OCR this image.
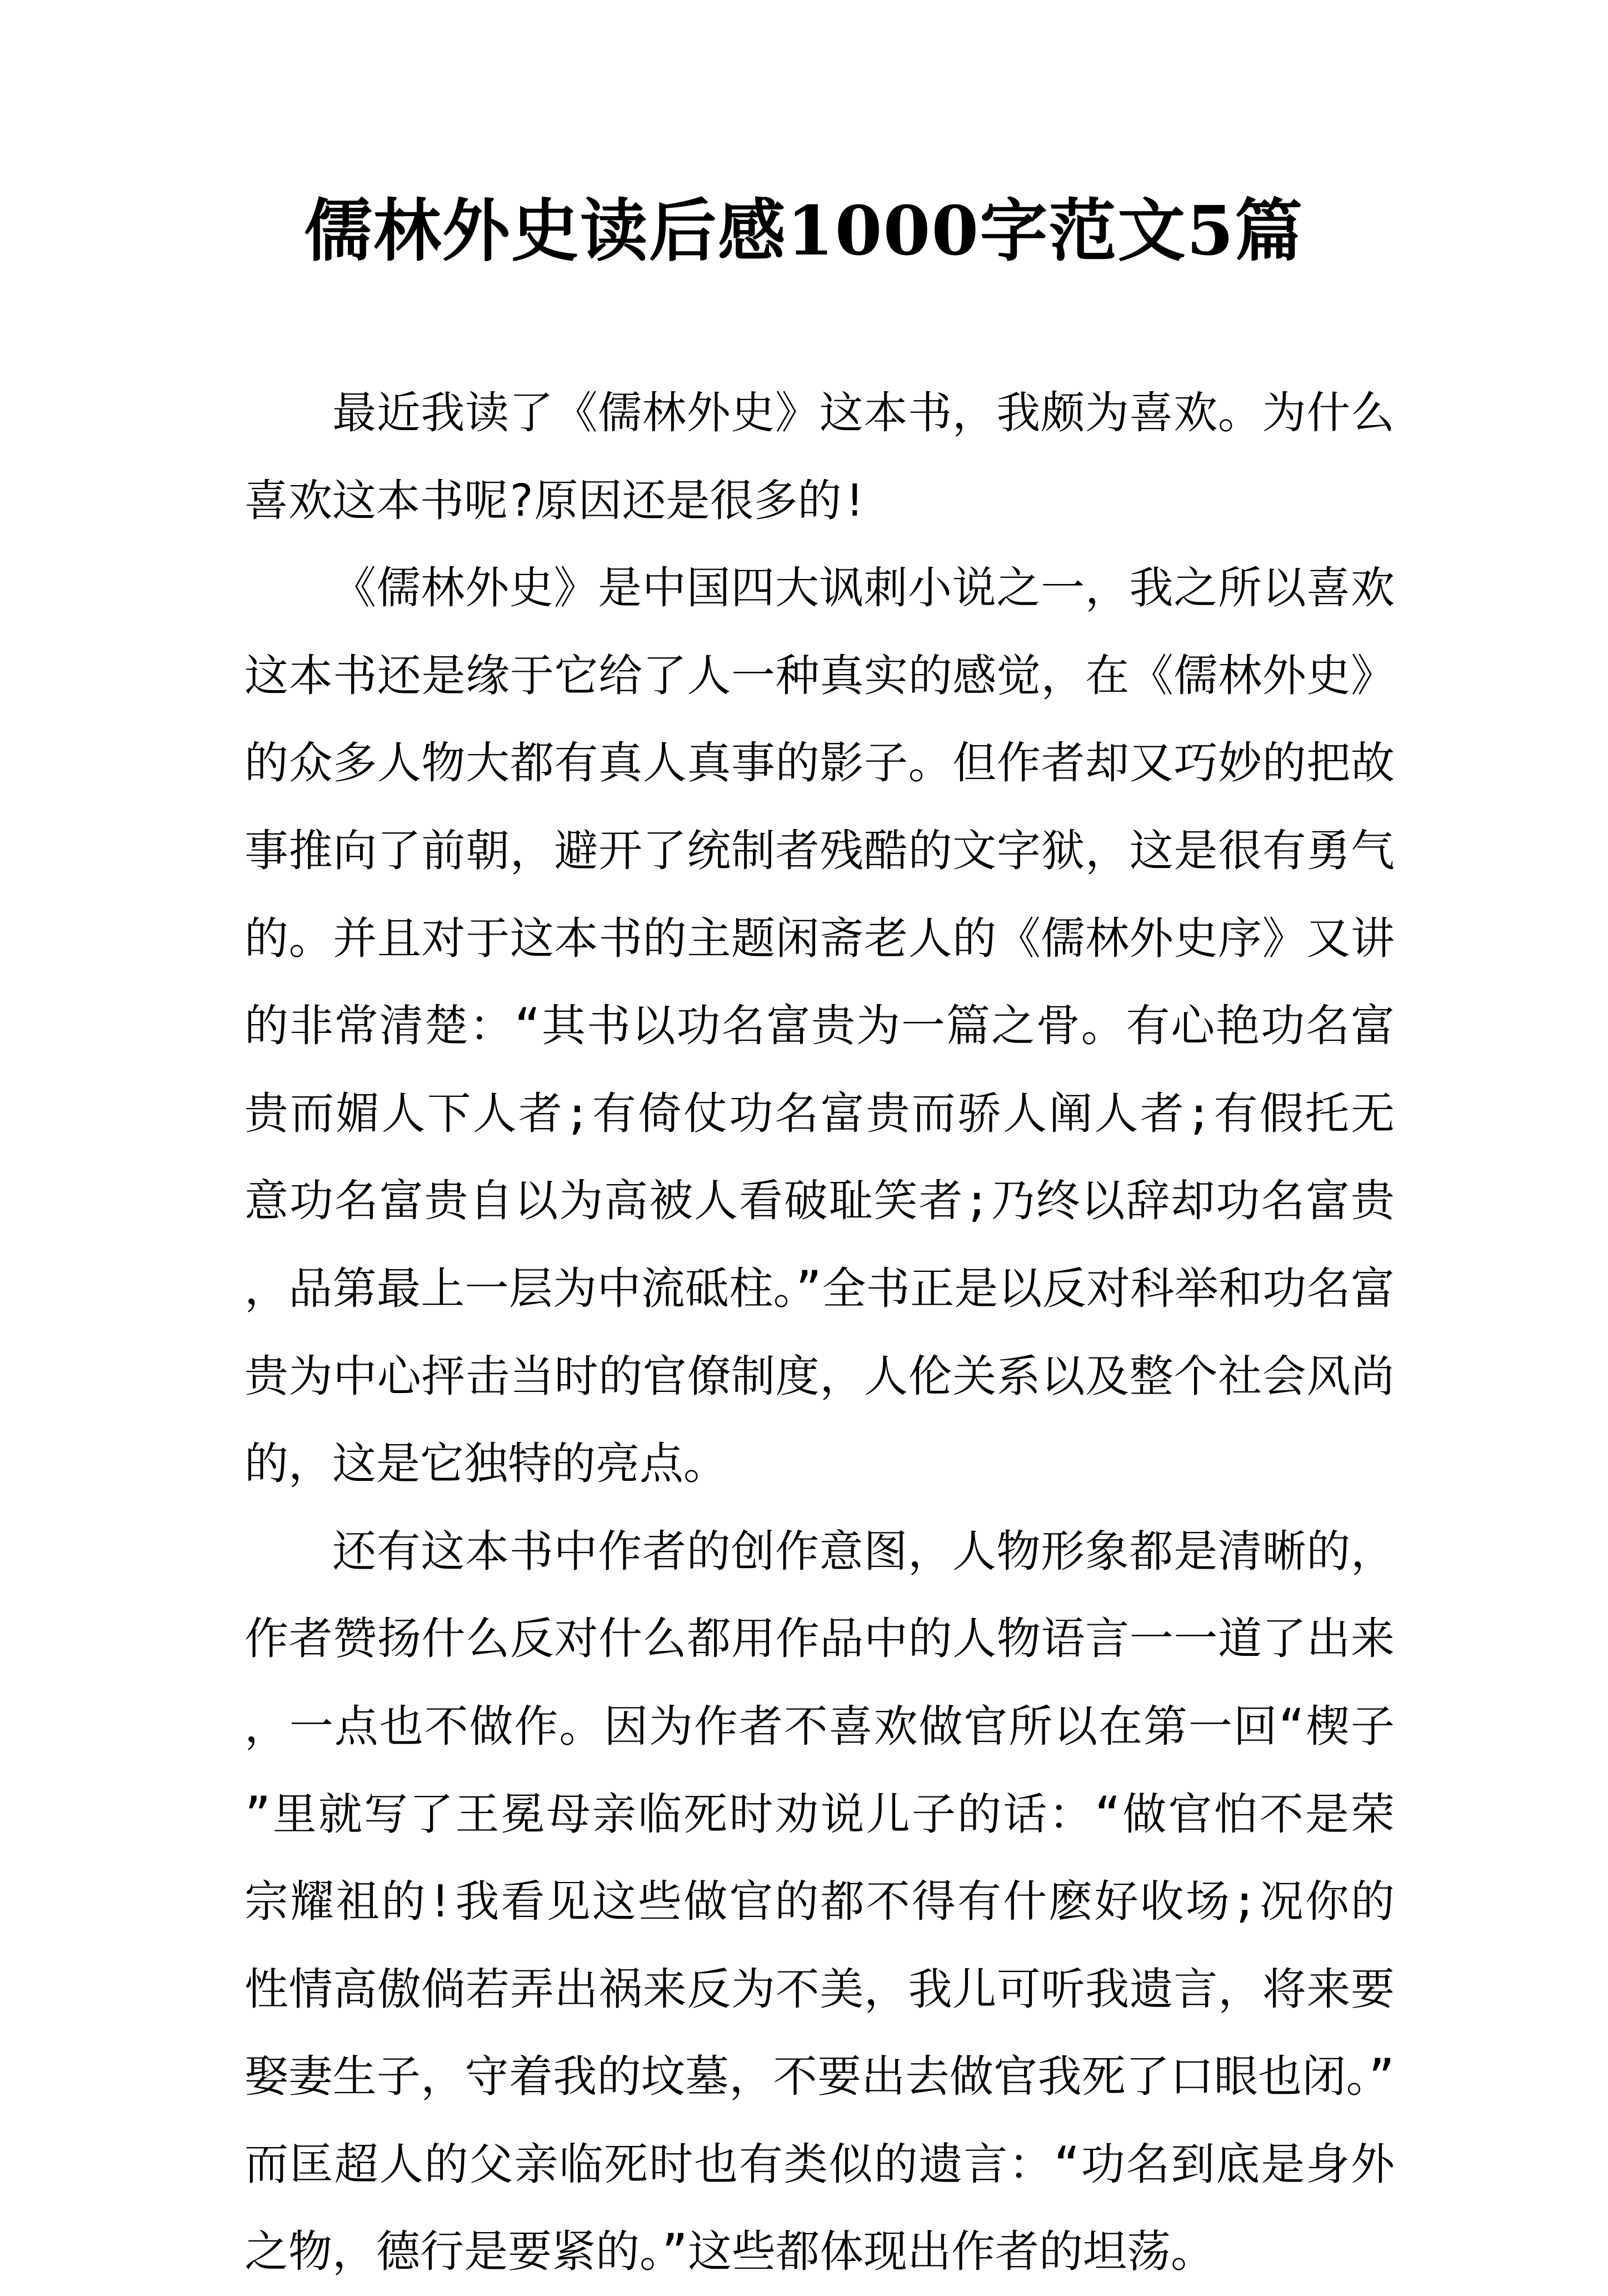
儒林外史读后感1000字范文5篇

最近我读了《儒林外史》这本书，我颇为喜欢。为什么喜欢这本书呢?原因还是很多的!

《儒林外史》是中国四大讽刺小说之一，我之所以喜欢这本书还是缘于它给了人一种真实的感觉，在《儒林外史》的众多人物大都有真人真事的影子。但作者却又巧妙的把故事推向了前朝，避开了统制者残酷的文字狱，这是很有勇气的。并且对于这本书的主题闲斋老人的《儒林外史序》又讲的非常清楚：“其书以功名富贵为一篇之骨。有心艳功名富贵而媚人下人者;有倚仗功名富贵而骄人阐人者;有假托无意功名富贵自以为高被人看破耻笑者;乃终以辞却功名富贵，品第最上一层为中流砥柱。”全书正是以反对科举和功名富贵为中心抨击当时的官僚制度，人伦关系以及整个社会风尚的，这是它独特的亮点。

还有这本书中作者的创作意图，人物形象都是清晰的，作者赞扬什么反对什么都用作品中的人物语言一一道了出来，一点也不做作。因为作者不喜欢做官所以在第一回“楔子”里就写了王冕母亲临死时劝说儿子的话：“做官怕不是荣宗耀祖的!我看见这些做官的都不得有什麽好收场;况你的性情高傲倘若弄出祸来反为不美，我儿可听我遗言，将来要娶妻生子，守着我的坟墓，不要出去做官我死了口眼也闭。”而匡超人的父亲临死时也有类似的遗言：“功名到底是身外之物，德行是要紧的。”这些都体现出作者的坦荡。
